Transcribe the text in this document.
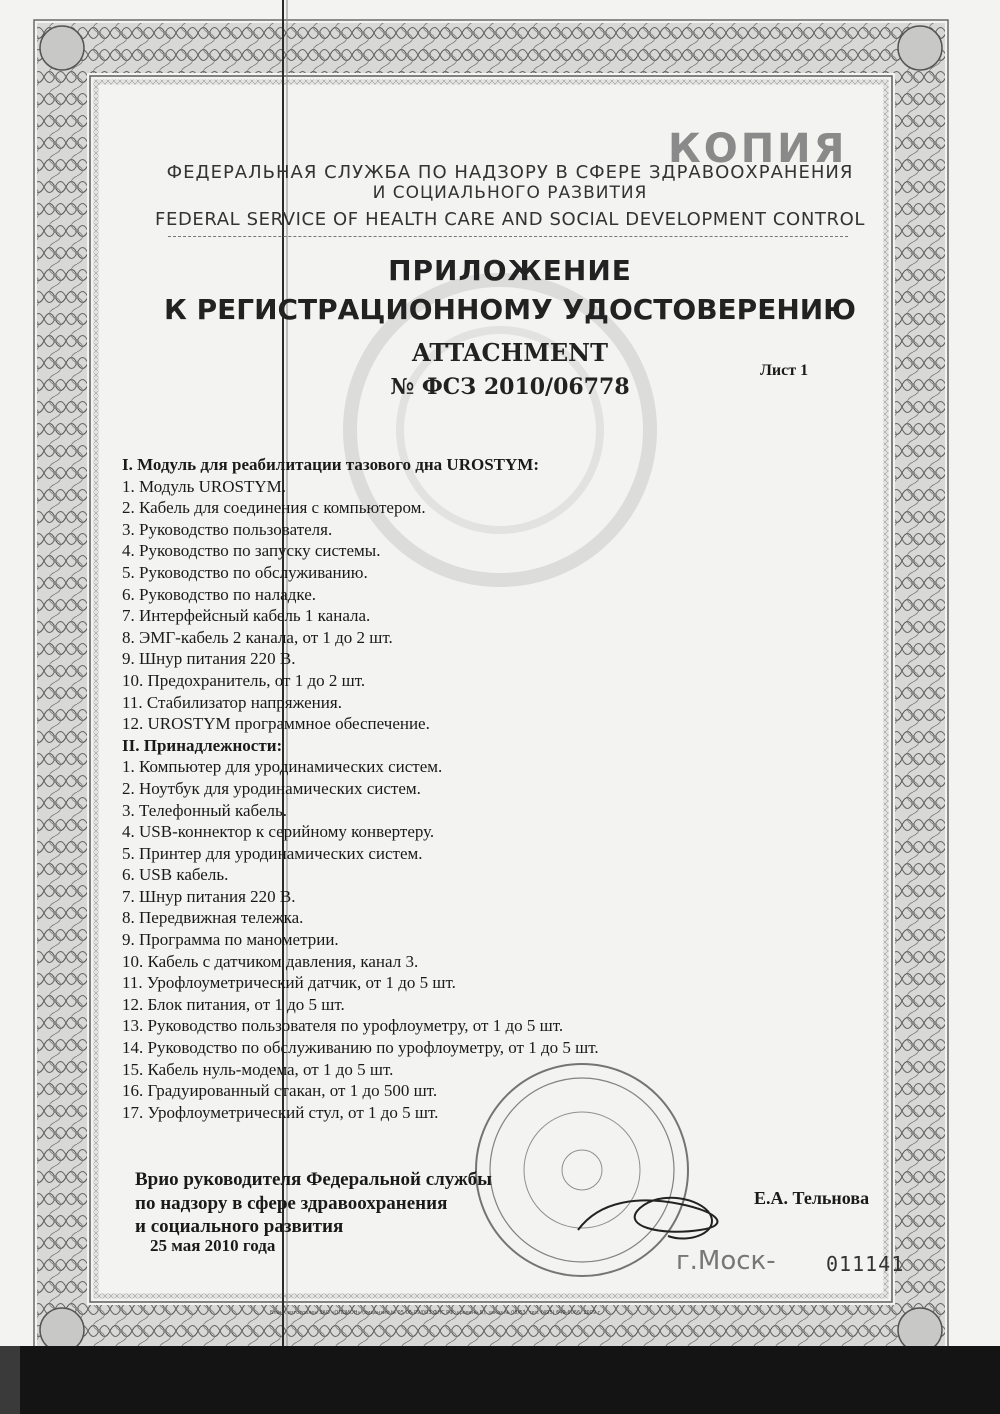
КОПИЯ
ФЕДЕРАЛЬНАЯ СЛУЖБА ПО НАДЗОРУ В СФЕРЕ ЗДРАВООХРАНЕНИЯ
И СОЦИАЛЬНОГО РАЗВИТИЯ
FEDERAL SERVICE OF HEALTH CARE AND SOCIAL DEVELOPMENT CONTROL
ПРИЛОЖЕНИЕ
К РЕГИСТРАЦИОННОМУ УДОСТОВЕРЕНИЮ
ATTACHMENT
№ ФСЗ 2010/06778
Лист 1
I. Модуль для реабилитации тазового дна UROSTYM:
1. Модуль UROSTYM.
2. Кабель для соединения с компьютером.
3. Руководство пользователя.
4. Руководство по запуску системы.
5. Руководство по обслуживанию.
6. Руководство по наладке.
7. Интерфейсный кабель 1 канала.
8. ЭМГ-кабель 2 канала, от 1 до 2 шт.
9. Шнур питания 220 В.
10. Предохранитель, от 1 до 2 шт.
11. Стабилизатор напряжения.
12. UROSTYM программное обеспечение.
II. Принадлежности:
1. Компьютер для уродинамических систем.
2. Ноутбук для уродинамических систем.
3. Телефонный кабель.
4. USB-коннектор к серийному конвертеру.
5. Принтер для уродинамических систем.
6. USB кабель.
7. Шнур питания 220 В.
8. Передвижная тележка.
9. Программа по манометрии.
10. Кабель с датчиком давления, канал 3.
11. Урофлоуметрический датчик, от 1 до 5 шт.
12. Блок питания, от 1 до 5 шт.
13. Руководство пользователя по урофлоуметру, от 1 до 5 шт.
14. Руководство по обслуживанию по урофлоуметру, от 1 до 5 шт.
15. Кабель нуль-модема, от 1 до 5 шт.
16. Градуированный стакан, от 1 до 500 шт.
17. Урофлоуметрический стул, от 1 до 5 шт.
Врио руководителя Федеральной службы
по надзору в сфере здравоохранения
и социального развития
25 мая 2010 года
Е.А. Тельнова
г.Моск-	011141
Бланк изготовлен ЗАО «ОПЦИОН» (лицензия № 05-05-09/003 ФНС РФ, уровень Б), заказ № 08/63, тел. (495) 649-6066, 2009 г.
